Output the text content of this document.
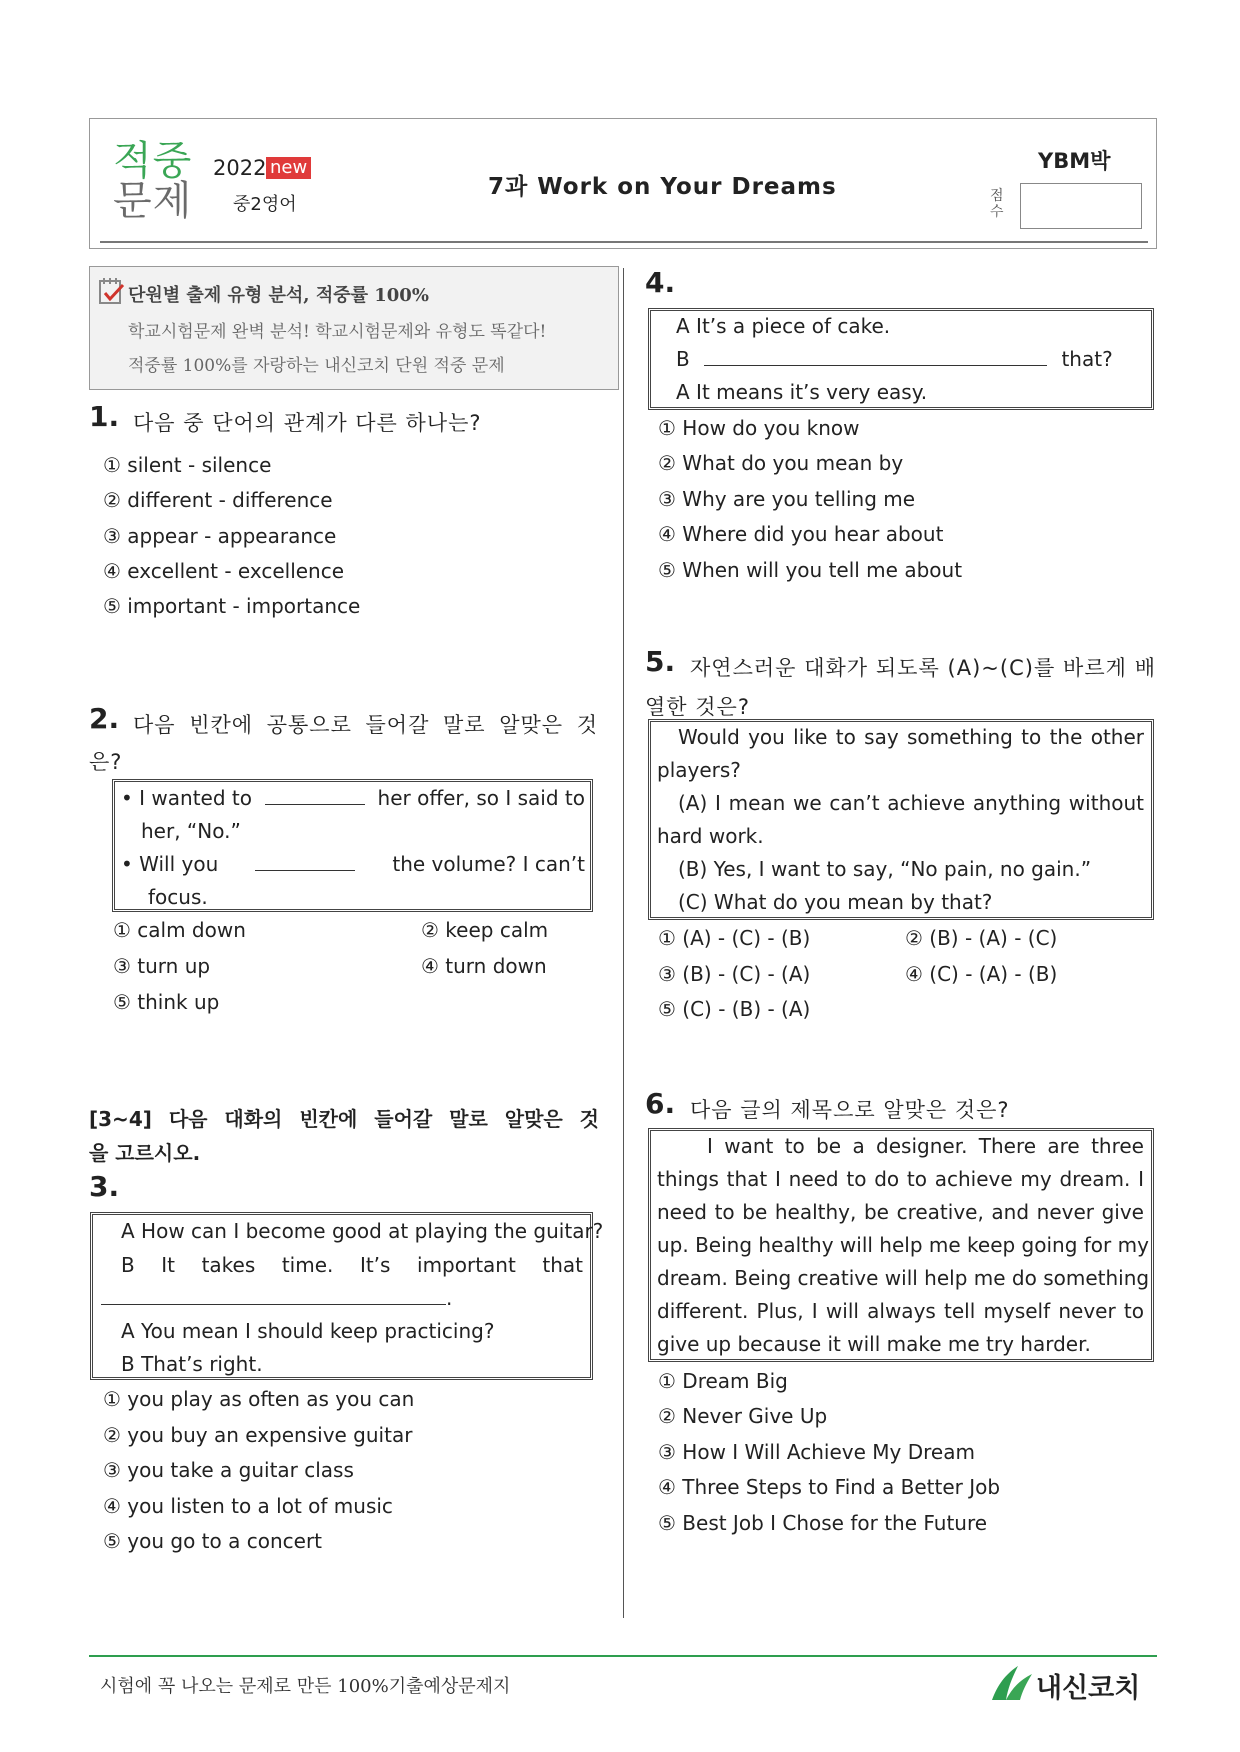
적중
문제
2022 new
중2영어
7과 Work on Your Dreams
YBM박
점
수
단원별 출제 유형 분석, 적중률 100%
학교시험문제 완벽 분석! 학교시험문제와 유형도 똑같다!
적중률 100%를 자랑하는 내신코치 단원 적중 문제
1. 다음 중 단어의 관계가 다른 하나는?
① silent - silence
② different - difference
③ appear - appearance
④ excellent - excellence
⑤ important - importance
2. 다음 빈칸에 공통으로 들어갈 말로 알맞은 것
은?
• I wanted to	her offer, so I said to
her, “No.”
• Will you	the volume? I can’t
focus.
① calm down	② keep calm
③ turn up	④ turn down
⑤ think up
[3~4] 다음 대화의 빈칸에 들어갈 말로 알맞은 것
을 고르시오.
3.
A How can I become good at playing the guitar?
B It takes time. It’s important that
.
A You mean I should keep practicing?
B That’s right.
① you play as often as you can
② you buy an expensive guitar
③ you take a guitar class
④ you listen to a lot of music
⑤ you go to a concert
4.
A It’s a piece of cake.
B	that?
A It means it’s very easy.
① How do you know
② What do you mean by
③ Why are you telling me
④ Where did you hear about
⑤ When will you tell me about
5. 자연스러운 대화가 되도록 (A)~(C)를 바르게 배
열한 것은?
Would you like to say something to the other
players?
(A) I mean we can’t achieve anything without
hard work.
(B) Yes, I want to say, “No pain, no gain.”
(C) What do you mean by that?
① (A) - (C) - (B)	② (B) - (A) - (C)
③ (B) - (C) - (A)	④ (C) - (A) - (B)
⑤ (C) - (B) - (A)
6. 다음 글의 제목으로 알맞은 것은?
I want to be a designer. There are three
things that I need to do to achieve my dream. I
need to be healthy, be creative, and never give
up. Being healthy will help me keep going for my
dream. Being creative will help me do something
different. Plus, I will always tell myself never to
give up because it will make me try harder.
① Dream Big
② Never Give Up
③ How I Will Achieve My Dream
④ Three Steps to Find a Better Job
⑤ Best Job I Chose for the Future
시험에 꼭 나오는 문제로 만든 100%기출예상문제지	내신코치
